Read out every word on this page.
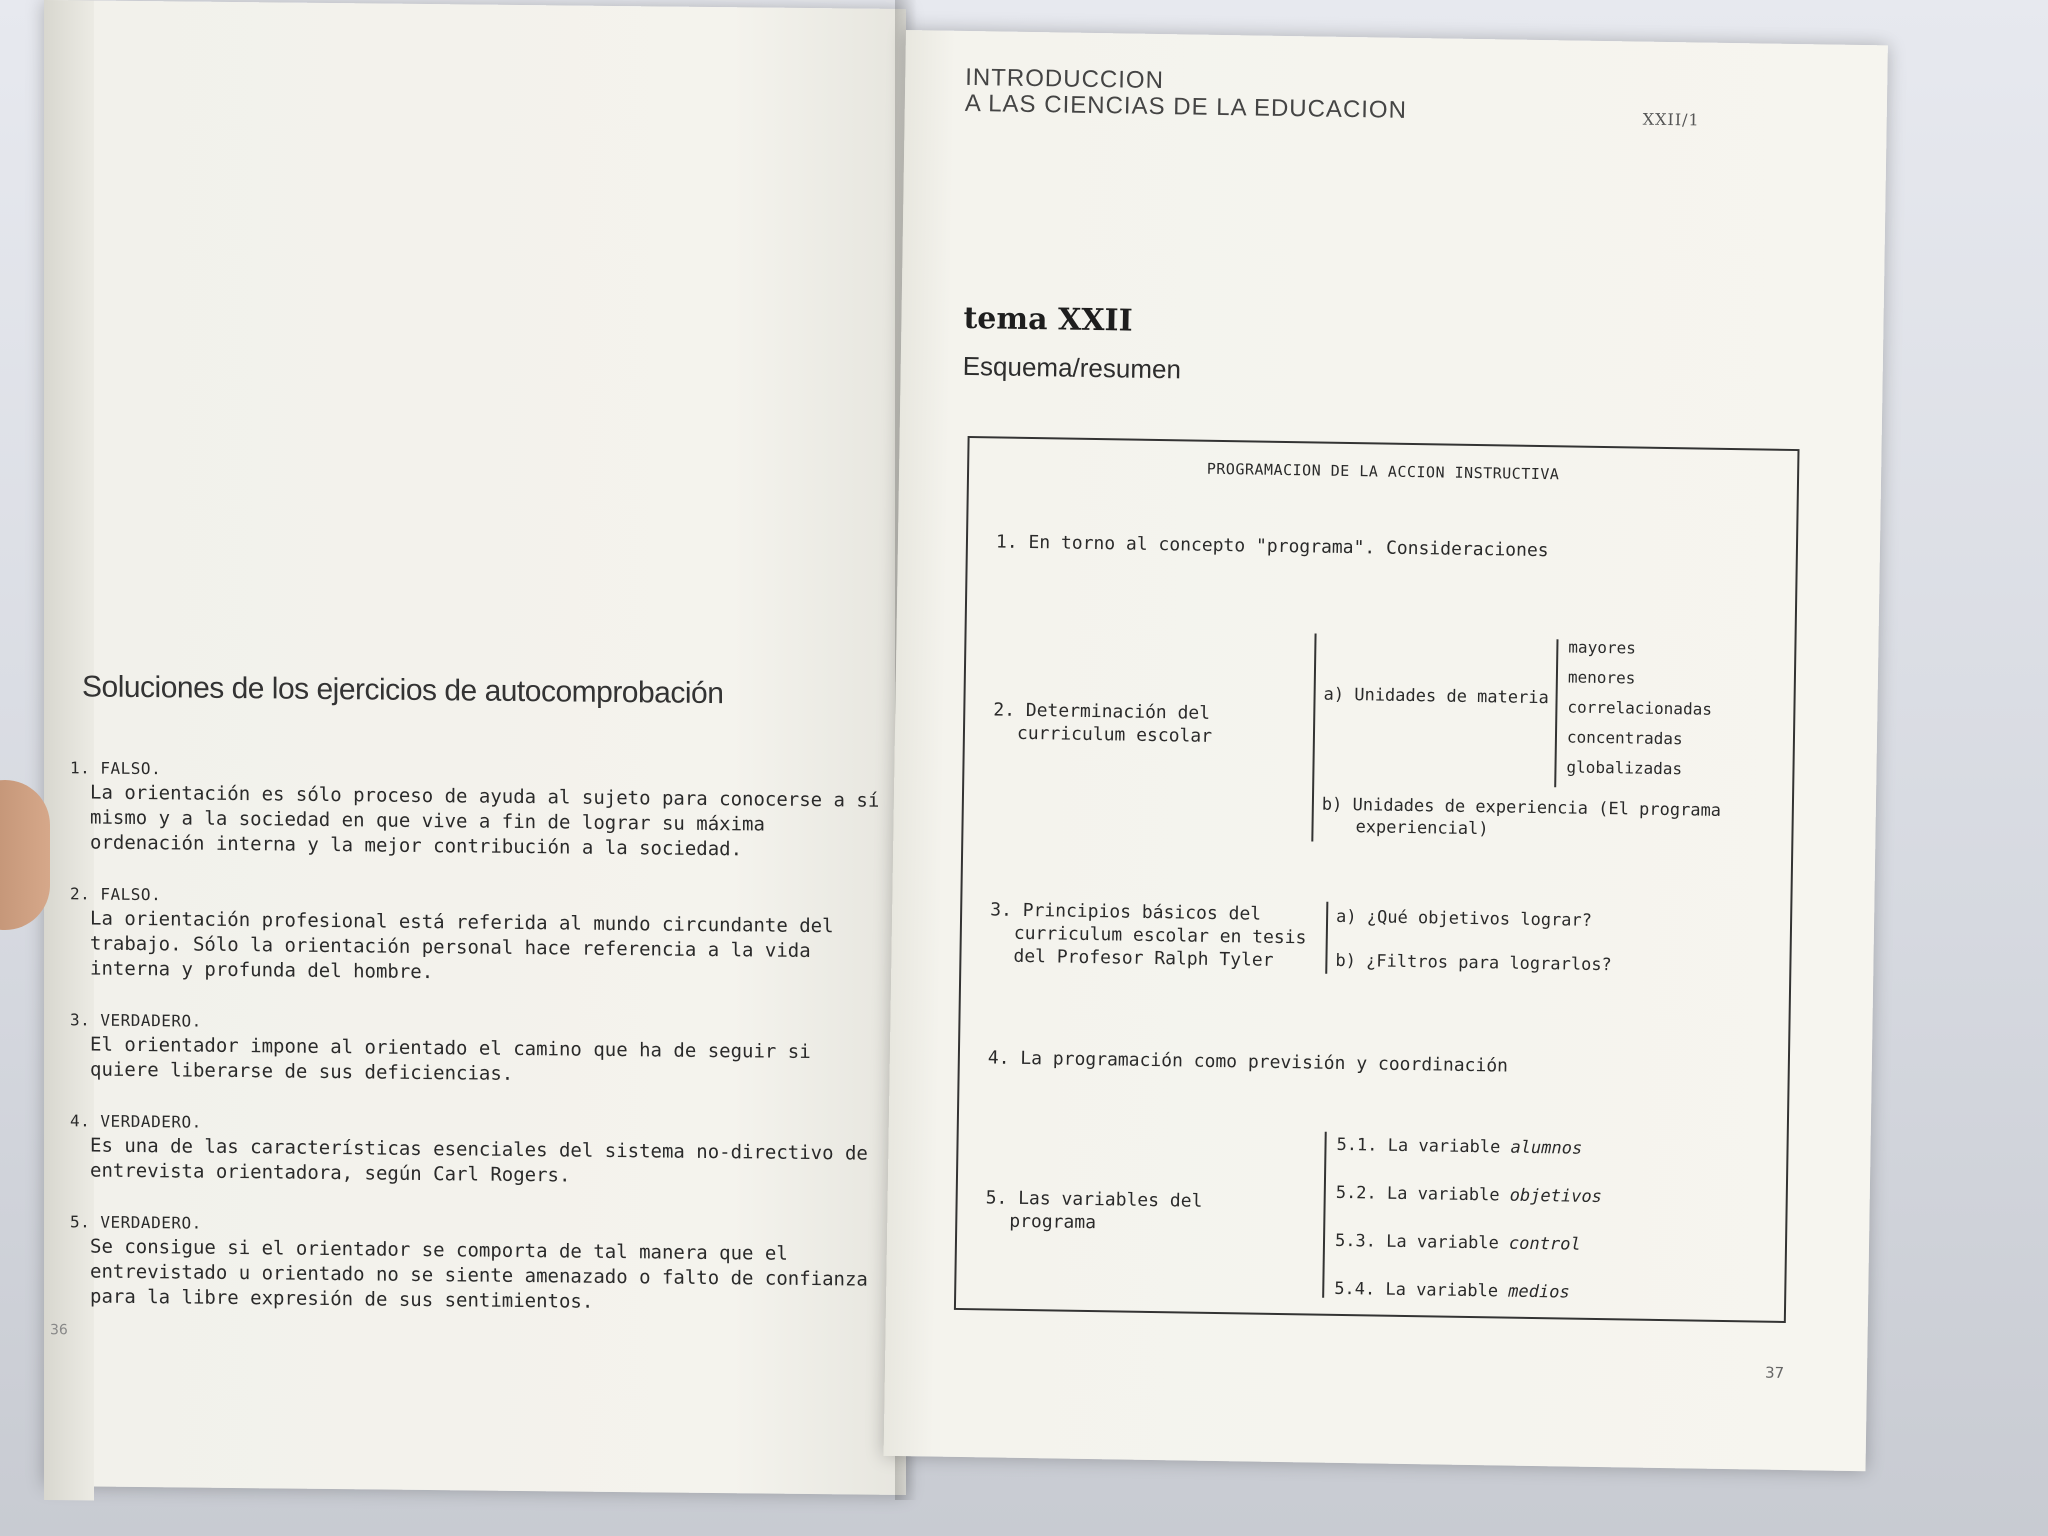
Soluciones de los ejercicios de autocomprobación
1. FALSO.
La orientación es sólo proceso de ayuda al sujeto para conocerse a sí mismo y a la sociedad en que vive a fin de lograr su máxima ordenación interna y la mejor contribución a la sociedad.
2. FALSO.
La orientación profesional está referida al mundo circundante del trabajo. Sólo la orientación personal hace referencia a la vida interna y profunda del hombre.
3. VERDADERO.
El orientador impone al orientado el camino que ha de seguir si quiere liberarse de sus deficiencias.
4. VERDADERO.
Es una de las características esenciales del sistema no-directivo de entrevista orientadora, según Carl Rogers.
5. VERDADERO.
Se consigue si el orientador se comporta de tal manera que el entrevistado u orientado no se siente amenazado o falto de confianza para la libre expresión de sus sentimientos.
36
INTRODUCCION
A LAS CIENCIAS DE LA EDUCACION	XXII/1
tema XXII
Esquema/resumen
PROGRAMACION DE LA ACCION INSTRUCTIVA
1. En torno al concepto "programa". Consideraciones
2. Determinación del
curriculum escolar
a) Unidades de materia
mayores
menores
correlacionadas
concentradas
globalizadas
b) Unidades de experiencia (El programa
experiencial)
3. Principios básicos del
curriculum escolar en tesis
del Profesor Ralph Tyler
a) ¿Qué objetivos lograr?
b) ¿Filtros para lograrlos?
4. La programación como previsión y coordinación
5. Las variables del
programa
5.1. La variable alumnos
5.2. La variable objetivos
5.3. La variable control
5.4. La variable medios
37
